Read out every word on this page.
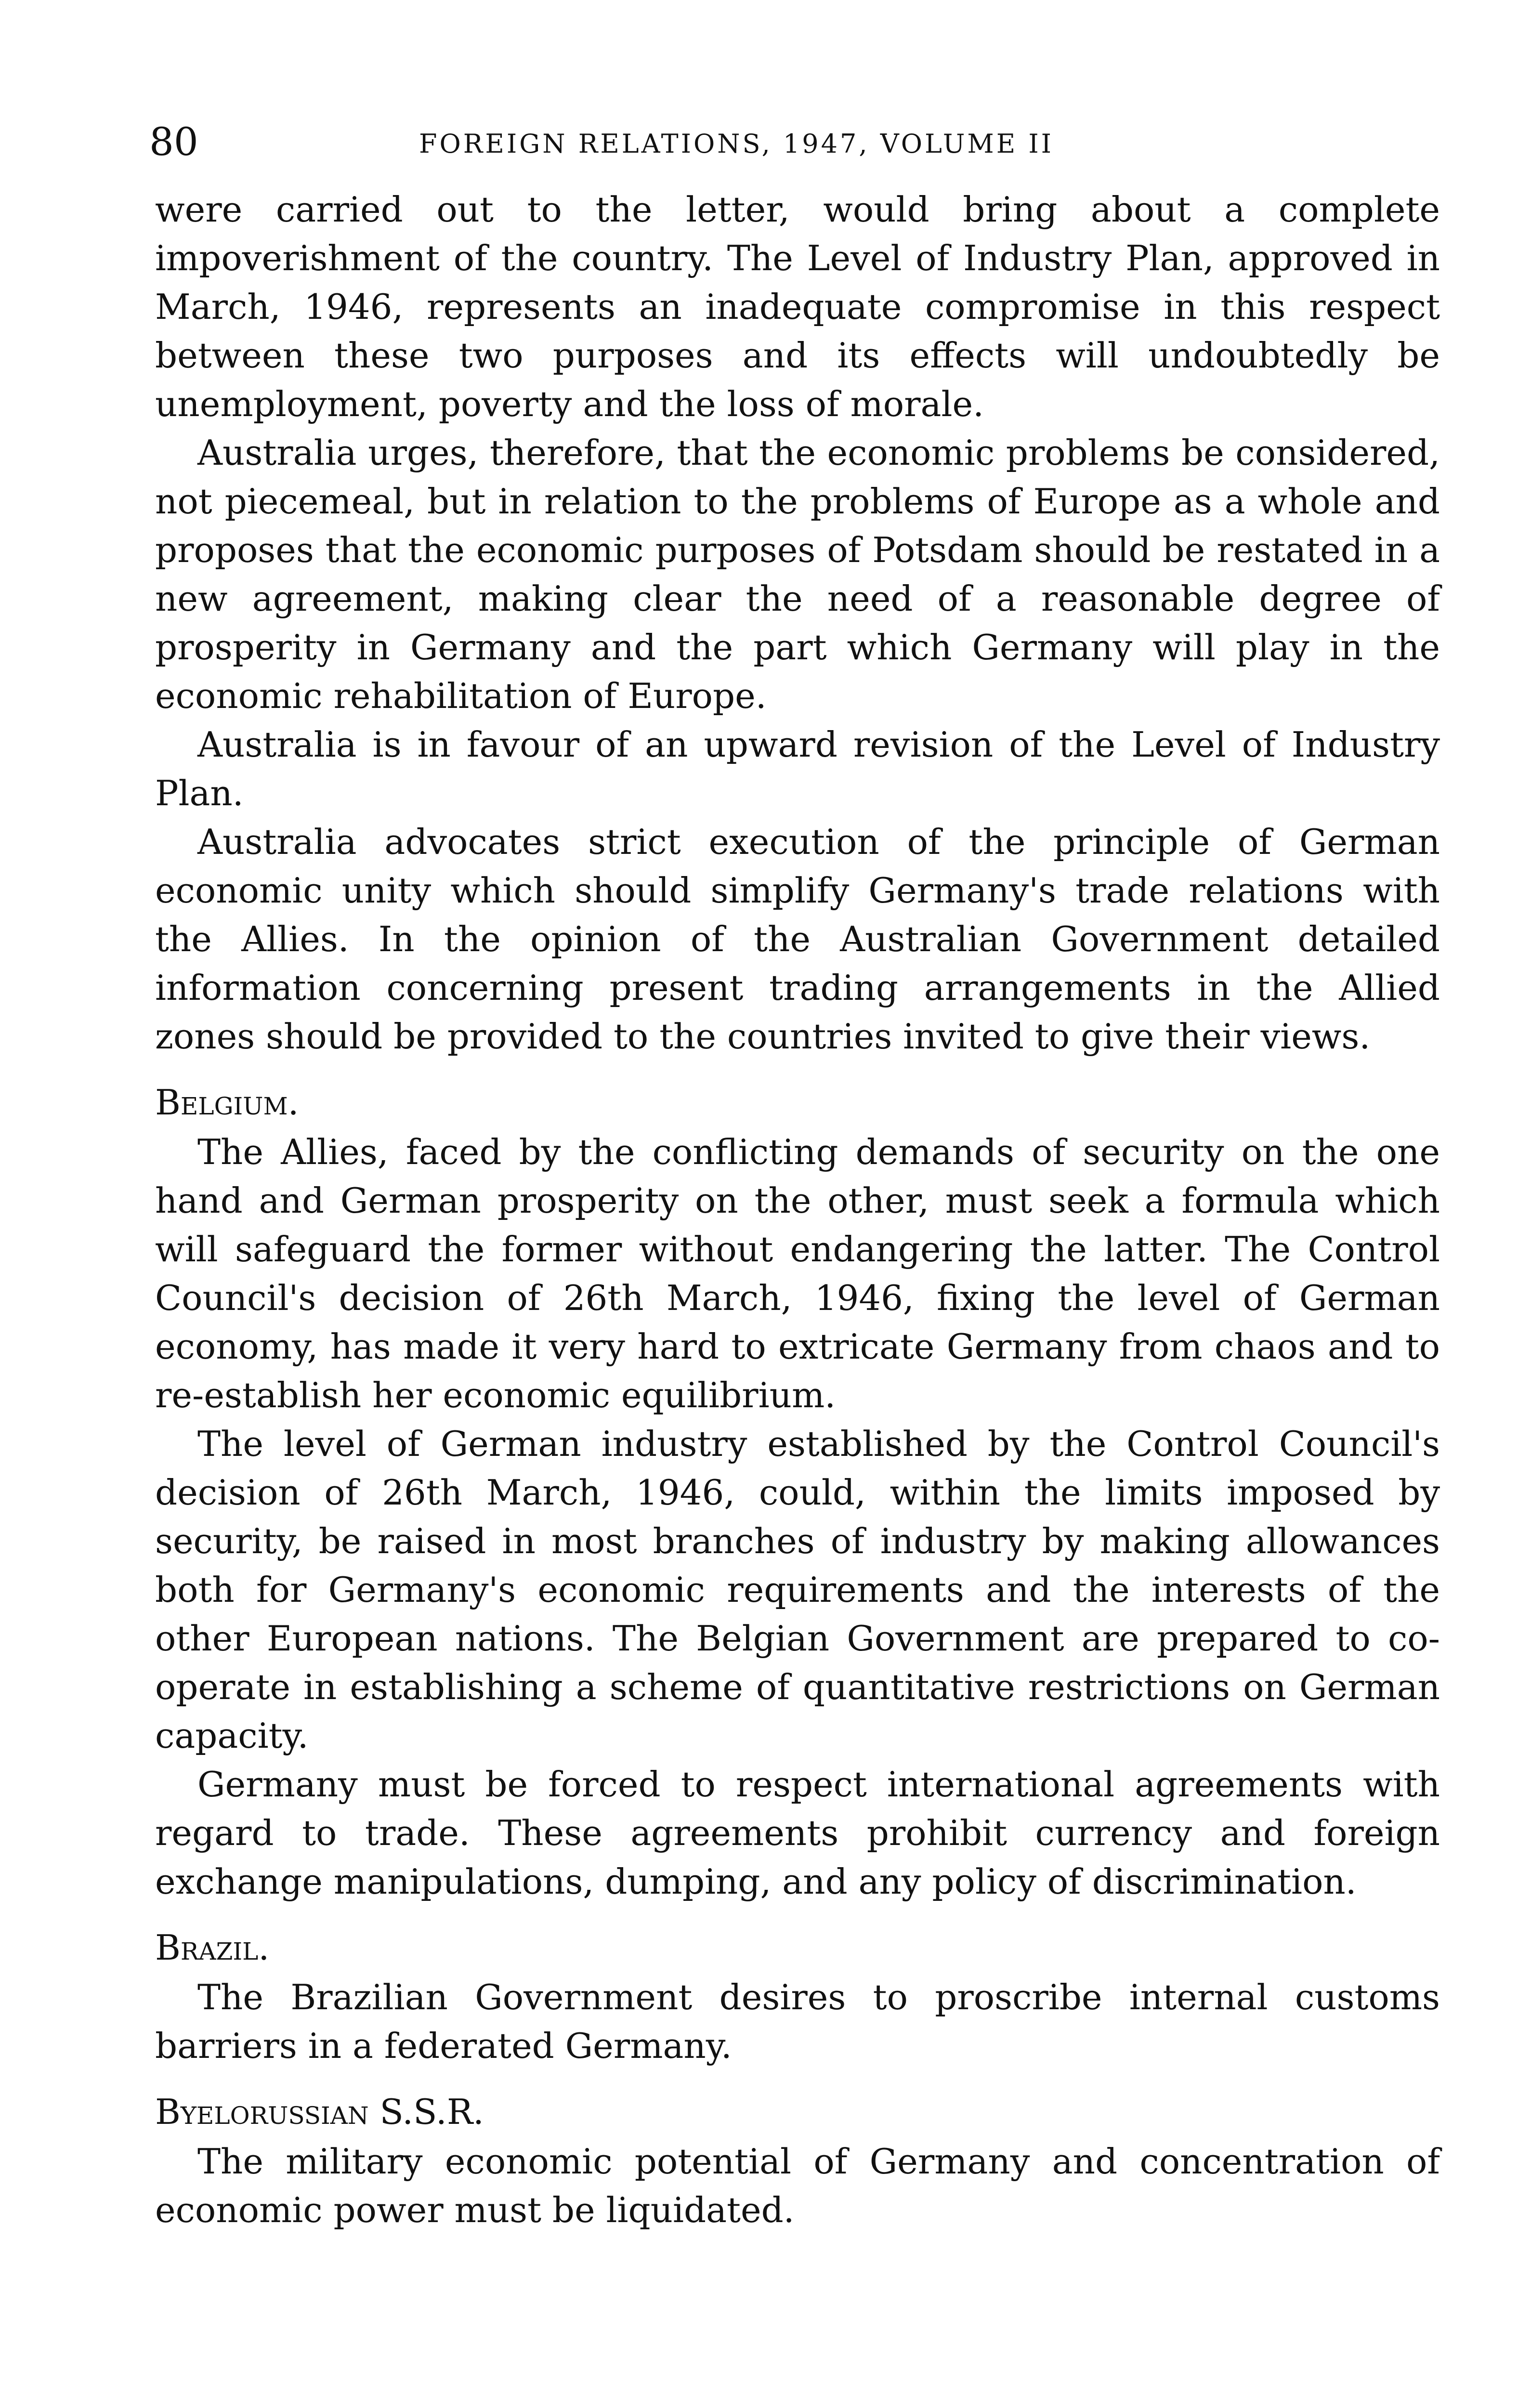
80	FOREIGN RELATIONS, 1947, VOLUME II

were carried out to the letter, would bring about a complete impoverishment of the country. The Level of Industry Plan, approved in March, 1946, represents an inadequate compromise in this respect between these two purposes and its effects will undoubtedly be unemployment, poverty and the loss of morale.

Australia urges, therefore, that the economic problems be considered, not piecemeal, but in relation to the problems of Europe as a whole and proposes that the economic purposes of Potsdam should be restated in a new agreement, making clear the need of a reasonable degree of prosperity in Germany and the part which Germany will play in the economic rehabilitation of Europe.

Australia is in favour of an upward revision of the Level of Industry Plan.

Australia advocates strict execution of the principle of German economic unity which should simplify Germany's trade relations with the Allies. In the opinion of the Australian Government detailed information concerning present trading arrangements in the Allied zones should be provided to the countries invited to give their views.

Belgium.

The Allies, faced by the conflicting demands of security on the one hand and German prosperity on the other, must seek a formula which will safeguard the former without endangering the latter. The Control Council's decision of 26th March, 1946, fixing the level of German economy, has made it very hard to extricate Germany from chaos and to re-establish her economic equilibrium.

The level of German industry established by the Control Council's decision of 26th March, 1946, could, within the limits imposed by security, be raised in most branches of industry by making allowances both for Germany's economic requirements and the interests of the other European nations. The Belgian Government are prepared to co-operate in establishing a scheme of quantitative restrictions on German capacity.

Germany must be forced to respect international agreements with regard to trade. These agreements prohibit currency and foreign exchange manipulations, dumping, and any policy of discrimination.

Brazil.

The Brazilian Government desires to proscribe internal customs barriers in a federated Germany.

Byelorussian S.S.R.

The military economic potential of Germany and concentration of economic power must be liquidated.
